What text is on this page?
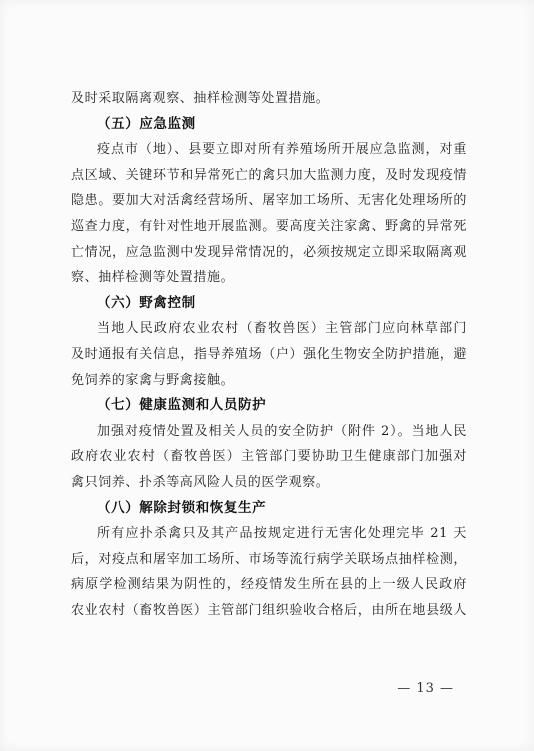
及时采取隔离观察、抽样检测等处置措施。
（五）应急监测
疫点市（地）、县要立即对所有养殖场所开展应急监测，对重
点区域、关键环节和异常死亡的禽只加大监测力度，及时发现疫情
隐患。要加大对活禽经营场所、屠宰加工场所、无害化处理场所的
巡查力度，有针对性地开展监测。要高度关注家禽、野禽的异常死
亡情况，应急监测中发现异常情况的，必须按规定立即采取隔离观
察、抽样检测等处置措施。
（六）野禽控制
当地人民政府农业农村（畜牧兽医）主管部门应向林草部门
及时通报有关信息，指导养殖场（户）强化生物安全防护措施，避
免饲养的家禽与野禽接触。
（七）健康监测和人员防护
加强对疫情处置及相关人员的安全防护（附件 2）。当地人民
政府农业农村（畜牧兽医）主管部门要协助卫生健康部门加强对
禽只饲养、扑杀等高风险人员的医学观察。
（八）解除封锁和恢复生产
所有应扑杀禽只及其产品按规定进行无害化处理完毕 21 天
后，对疫点和屠宰加工场所、市场等流行病学关联场点抽样检测，
病原学检测结果为阴性的，经疫情发生所在县的上一级人民政府
农业农村（畜牧兽医）主管部门组织验收合格后，由所在地县级人
— 13 —
